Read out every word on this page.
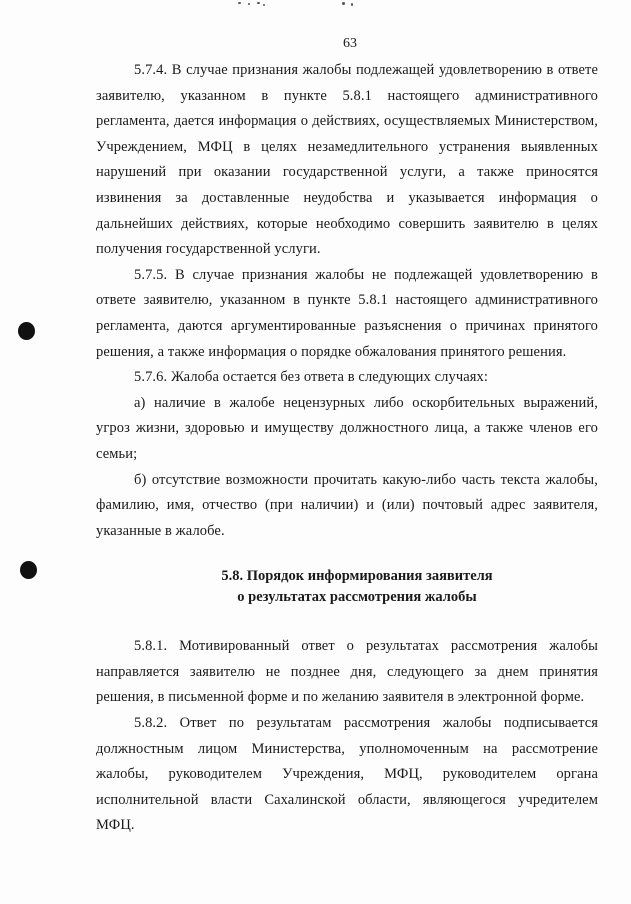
63

5.7.4. В случае признания жалобы подлежащей удовлетворению в ответе заявителю, указанном в пункте 5.8.1 настоящего административного регламента, дается информация о действиях, осуществляемых Министерством, Учреждением, МФЦ в целях незамедлительного устранения выявленных нарушений при оказании государственной услуги, а также приносятся извинения за доставленные неудобства и указывается информация о дальнейших действиях, которые необходимо совершить заявителю в целях получения государственной услуги.

5.7.5. В случае признания жалобы не подлежащей удовлетворению в ответе заявителю, указанном в пункте 5.8.1 настоящего административного регламента, даются аргументированные разъяснения о причинах принятого решения, а также информация о порядке обжалования принятого решения.

5.7.6. Жалоба остается без ответа в следующих случаях:

а) наличие в жалобе нецензурных либо оскорбительных выражений, угроз жизни, здоровью и имуществу должностного лица, а также членов его семьи;

б) отсутствие возможности прочитать какую-либо часть текста жалобы, фамилию, имя, отчество (при наличии) и (или) почтовый адрес заявителя, указанные в жалобе.

5.8. Порядок информирования заявителя
о результатах рассмотрения жалобы

5.8.1. Мотивированный ответ о результатах рассмотрения жалобы направляется заявителю не позднее дня, следующего за днем принятия решения, в письменной форме и по желанию заявителя в электронной форме.

5.8.2. Ответ по результатам рассмотрения жалобы подписывается должностным лицом Министерства, уполномоченным на рассмотрение жалобы, руководителем Учреждения, МФЦ, руководителем органа исполнительной власти Сахалинской области, являющегося учредителем МФЦ.
